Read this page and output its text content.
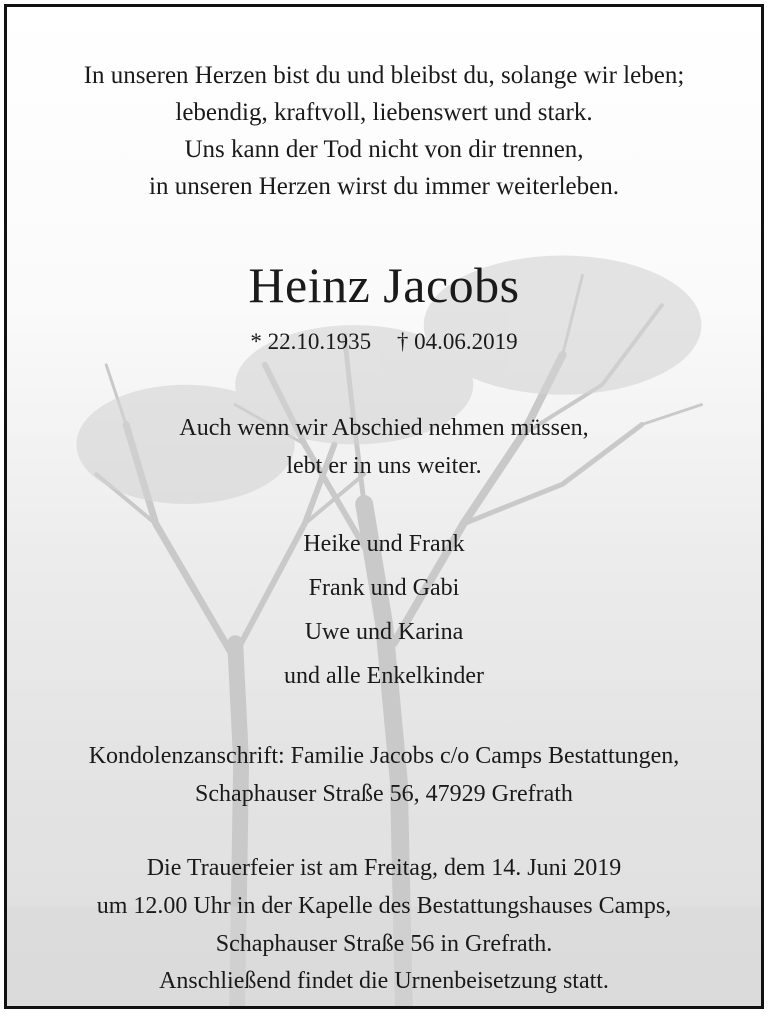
In unseren Herzen bist du und bleibst du, solange wir leben;
lebendig, kraftvoll, liebenswert und stark.
Uns kann der Tod nicht von dir trennen,
in unseren Herzen wirst du immer weiterleben.
Heinz Jacobs
* 22.10.1935 † 04.06.2019
Auch wenn wir Abschied nehmen müssen,
lebt er in uns weiter.
Heike und Frank
Frank und Gabi
Uwe und Karina
und alle Enkelkinder
Kondolenzanschrift: Familie Jacobs c/o Camps Bestattungen,
Schaphauser Straße 56, 47929 Grefrath
Die Trauerfeier ist am Freitag, dem 14. Juni 2019
um 12.00 Uhr in der Kapelle des Bestattungshauses Camps,
Schaphauser Straße 56 in Grefrath.
Anschließend findet die Urnenbeisetzung statt.
